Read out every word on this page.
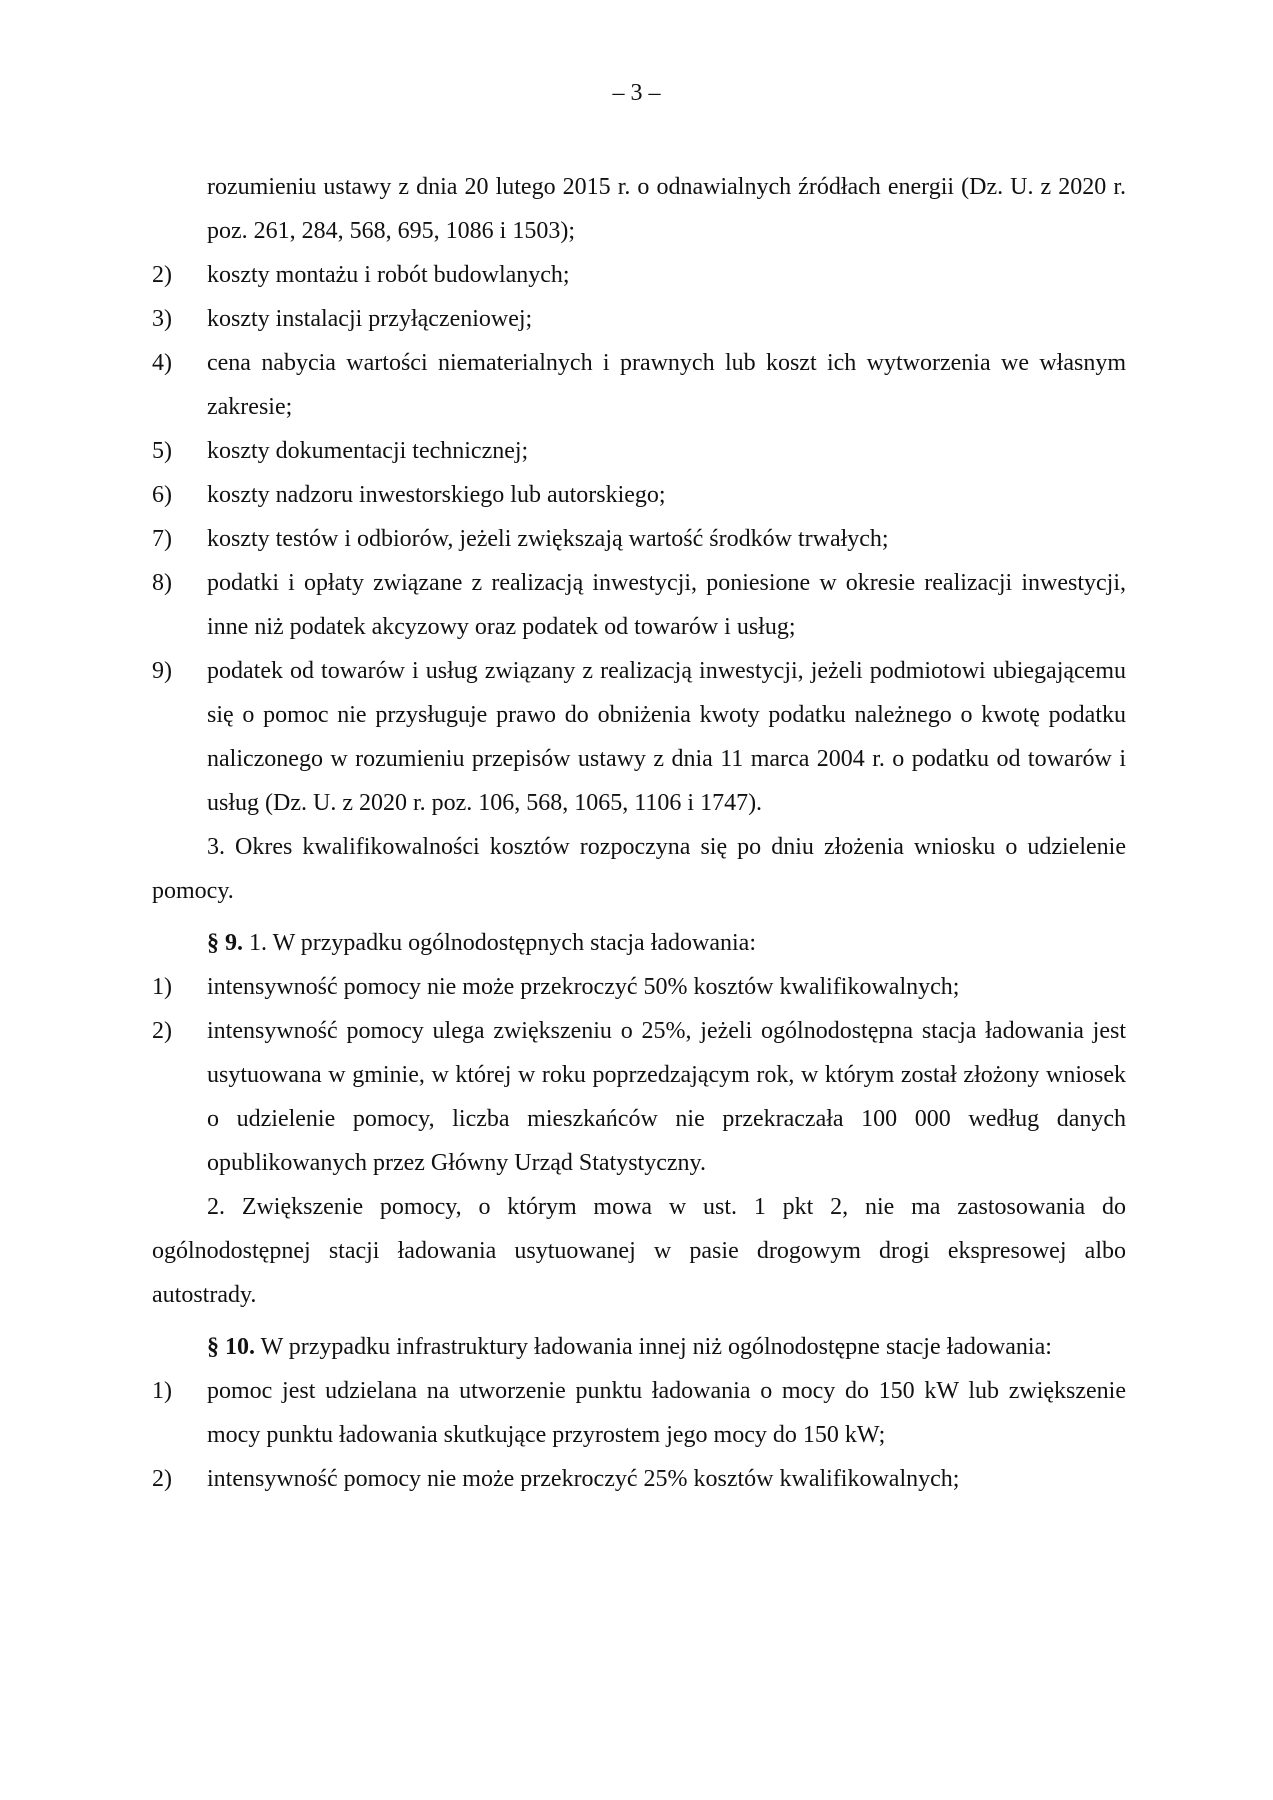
– 3 –
rozumieniu ustawy z dnia 20 lutego 2015 r. o odnawialnych źródłach energii (Dz. U. z 2020 r. poz. 261, 284, 568, 695, 1086 i 1503);
2)	koszty montażu i robót budowlanych;
3)	koszty instalacji przyłączeniowej;
4)	cena nabycia wartości niematerialnych i prawnych lub koszt ich wytworzenia we własnym zakresie;
5)	koszty dokumentacji technicznej;
6)	koszty nadzoru inwestorskiego lub autorskiego;
7)	koszty testów i odbiorów, jeżeli zwiększają wartość środków trwałych;
8)	podatki i opłaty związane z realizacją inwestycji, poniesione w okresie realizacji inwestycji, inne niż podatek akcyzowy oraz podatek od towarów i usług;
9)	podatek od towarów i usług związany z realizacją inwestycji, jeżeli podmiotowi ubiegającemu się o pomoc nie przysługuje prawo do obniżenia kwoty podatku należnego o kwotę podatku naliczonego w rozumieniu przepisów ustawy z dnia 11 marca 2004 r. o podatku od towarów i usług (Dz. U. z 2020 r. poz. 106, 568, 1065, 1106 i 1747).
3. Okres kwalifikowalności kosztów rozpoczyna się po dniu złożenia wniosku o udzielenie pomocy.
§ 9. 1. W przypadku ogólnodostępnych stacja ładowania:
1)	intensywność pomocy nie może przekroczyć 50% kosztów kwalifikowalnych;
2)	intensywność pomocy ulega zwiększeniu o 25%, jeżeli ogólnodostępna stacja ładowania jest usytuowana w gminie, w której w roku poprzedzającym rok, w którym został złożony wniosek o udzielenie pomocy, liczba mieszkańców nie przekraczała 100 000 według danych opublikowanych przez Główny Urząd Statystyczny.
2. Zwiększenie pomocy, o którym mowa w ust. 1 pkt 2, nie ma zastosowania do ogólnodostępnej stacji ładowania usytuowanej w pasie drogowym drogi ekspresowej albo autostrady.
§ 10. W przypadku infrastruktury ładowania innej niż ogólnodostępne stacje ładowania:
1)	pomoc jest udzielana na utworzenie punktu ładowania o mocy do 150 kW lub zwiększenie mocy punktu ładowania skutkujące przyrostem jego mocy do 150 kW;
2)	intensywność pomocy nie może przekroczyć 25% kosztów kwalifikowalnych;
